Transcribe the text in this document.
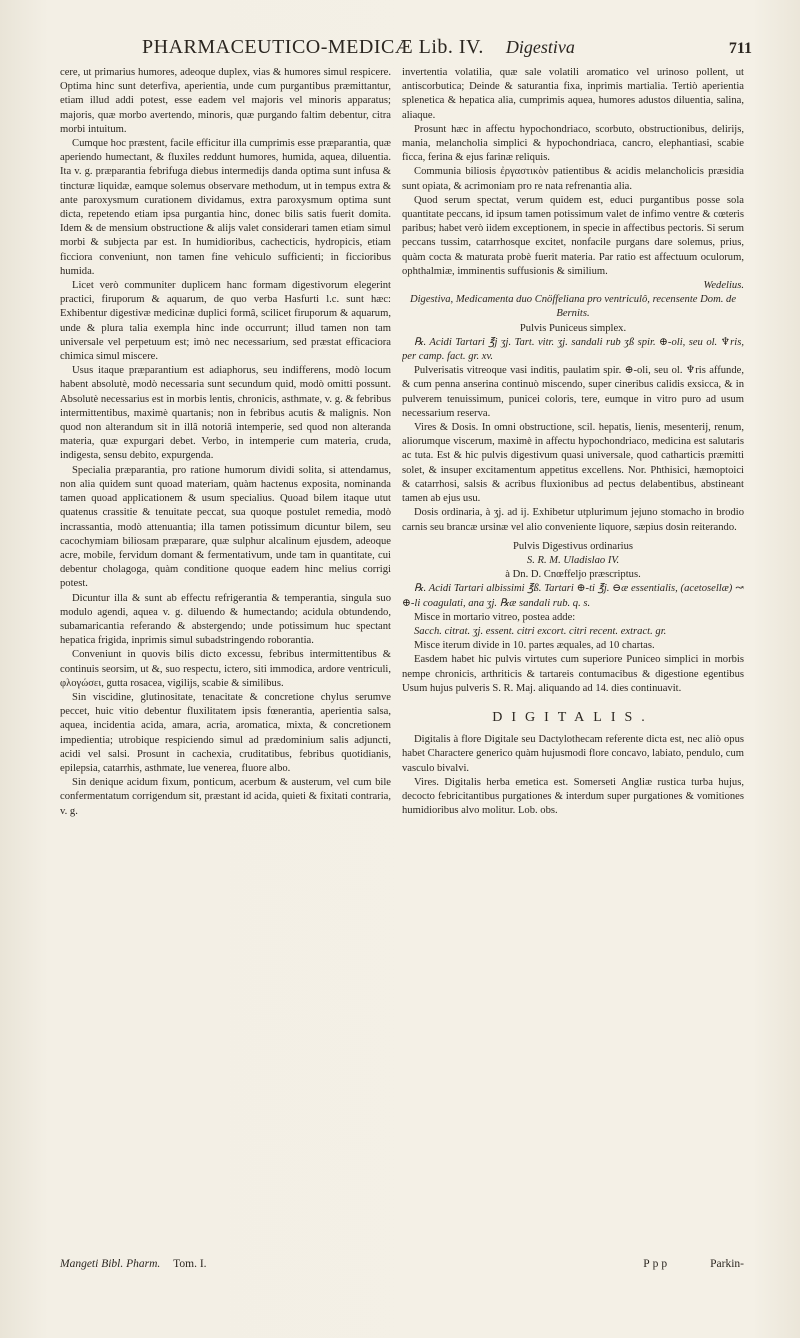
PHARMACEUTICO-MEDICÆ Lib. IV. Digestiva	711

cere, ut primarius humores, adeoque duplex, vias & humores simul respicere. Optima hinc sunt deterfiva, aperientia, unde cum purgantibus præmittantur, etiam illud addi potest, esse eadem vel majoris vel minoris apparatus; majoris, quæ morbo avertendo, minoris, quæ purgando faltim debentur, citra morbi intuitum.

Cumque hoc præstent, facile efficitur illa cumprimis esse præparantia, quæ aperiendo humectant, & fluxiles reddunt humores, humida, aquea, diluentia. Ita v. g. præparantia febrifuga diebus intermedijs danda optima sunt infusa & tincturæ liquidæ, eamque solemus observare methodum, ut in tempus extra & ante paroxysmum curationem dividamus, extra paroxysmum optima sunt dicta, repetendo etiam ipsa purgantia hinc, donec bilis satis fuerit domita. Idem & de mensium obstructione & alijs valet considerari tamen etiam simul morbi & subjecta par est. In humidioribus, cachecticis, hydropicis, etiam ficciora conveniunt, non tamen fine vehiculo sufficienti; in ficcioribus humida.

Licet verò communiter duplicem hanc formam digestivorum elegerint practici, firuporum & aquarum, de quo verba Hasfurti l.c. sunt hæc: Exhibentur digestivæ medicinæ duplici formâ, scilicet firuporum & aquarum, unde & plura talia exempla hinc inde occurrunt; illud tamen non tam universale vel perpetuum est; imò nec necessarium, sed præstat efficaciora chimica simul miscere.

Usus itaque præparantium est adiaphorus, seu indifferens, modò locum habent absolutè, modò necessaria sunt secundum quid, modò omitti possunt. Absolutè necessarius est in morbis lentis, chronicis, asthmate, v. g. & febribus intermittentibus, maximè quartanis; non in febribus acutis & malignis. Non quod non alterandum sit in illâ notoriâ intemperie, sed quod non alteranda materia, quæ expurgari debet. Verbo, in intemperie cum materia, cruda, indigesta, sensu debito, expurgenda.

Specialia præparantia, pro ratione humorum dividi solita, si attendamus, non alia quidem sunt quoad materiam, quàm hactenus exposita, nominanda tamen quoad applicationem & usum specialius. Quoad bilem itaque utut quatenus crassitie & tenuitate peccat, sua quoque postulet remedia, modò incrassantia, modò attenuantia; illa tamen potissimum dicuntur bilem, seu cacochymiam biliosam præparare, quæ sulphur alcalinum ejusdem, adeoque acre, mobile, fervidum domant & fermentativum, unde tam in quantitate, cui debentur cholagoga, quàm conditione quoque eadem hinc melius corrigi potest.

Dicuntur illa & sunt ab effectu refrigerantia & temperantia, singula suo modulo agendi, aquea v. g. diluendo & humectando; acidula obtundendo, subamaricantia referando & abstergendo; unde potissimum huc spectant hepatica frigida, inprimis simul subadstringendo roborantia.

Conveniunt in quovis bilis dicto excessu, febribus intermittentibus & continuis seorsim, ut &, suo respectu, ictero, siti immodica, ardore ventriculi, φλογώσει, gutta rosacea, vigilijs, scabie & similibus.

Sin viscidine, glutinositate, tenacitate & concretione chylus serumve peccet, huic vitio debentur fluxilitatem ipsis fœnerantia, aperientia salsa, aquea, incidentia acida, amara, acria, aromatica, mixta, & concretionem impedientia; utrobique respiciendo simul ad prædominium salis adjuncti, acidi vel salsi. Prosunt in cachexia, cruditatibus, febribus quotidianis, epilepsia, catarrhis, asthmate, lue venerea, fluore albo.

Sin denique acidum fixum, ponticum, acerbum & austerum, vel cum bile confermentatum corrigendum sit, præstant id acida, quieti & fixitati contraria, v. g.

invertentia volatilia, quæ sale volatili aromatico vel urinoso pollent, ut antiscorbutica; Deinde & saturantia fixa, inprimis martialia. Tertiò aperientia splenetica & hepatica alia, cumprimis aquea, humores adustos diluentia, salina, aliaque.

Prosunt hæc in affectu hypochondriaco, scorbuto, obstructionibus, delirijs, mania, melancholia simplici & hypochondriaca, cancro, elephantiasi, scabie ficca, ferina & ejus farinæ reliquis.

Communia biliosis ἐργαστικὸν patientibus & acidis melancholicis præsidia sunt opiata, & acrimoniam pro re nata refrenantia alia.

Quod serum spectat, verum quidem est, educi purgantibus posse sola quantitate peccans, id ipsum tamen potissimum valet de infimo ventre & cœteris paribus; habet verò iidem exceptionem, in specie in affectibus pectoris. Si serum peccans tussim, catarrhosque excitet, nonfacile purgans dare solemus, prius, quàm cocta & maturata probè fuerit materia. Par ratio est affectuum oculorum, ophthalmiæ, imminentis suffusionis & similium.

Wedelius.

Digestiva, Medicamenta duo Cnöffeliana pro ventriculô, recensente Dom. de Bernits.

Pulvis Puniceus simplex.

℞. Acidi Tartari ℥j ʒj. Tart. vitr. ʒj. sandali rub ʒß spir. ⊕-oli, seu ol. ♆ris, per camp. fact. gr. xv.

Pulverisatis vitreoque vasi inditis, paulatim spir. ⊕-oli, seu ol. ♆ris affunde, & cum penna anserina continuò miscendo, super cineribus calidis exsicca, & in pulverem tenuissimum, punicei coloris, tere, eumque in vitro puro ad usum necessarium reserva.

Vires & Dosis. In omni obstructione, scil. hepatis, lienis, mesenterij, renum, aliorumque viscerum, maximè in affectu hypochondriaco, medicina est salutaris ac tuta. Est & hic pulvis digestivum quasi universale, quod catharticis præmitti solet, & insuper excitamentum appetitus excellens. Nor. Phthisici, hæmoptoici & catarrhosi, salsis & acribus fluxionibus ad pectus delabentibus, abstineant tamen ab ejus usu.

Dosis ordinaria, à ʒj. ad ij. Exhibetur utplurimum jejuno stomacho in brodio carnis seu brancæ ursinæ vel alio conveniente liquore, sæpius dosin reiterando.

Pulvis Digestivus ordinarius

S. R. M. Uladislao IV.

à Dn. D. Cnœffeljo præscriptus.

℞. Acidi Tartari albissimi ℥ß. Tartari ⊕-ti ℥j. ⊖æ essentialis, (acetosellæ) ↝ ⊕-li coagulati, ana ʒj. ℞æ sandali rub. q. s.

Misce in mortario vitreo, postea adde:

Sacch. citrat. ʒj. essent. citri excort. citri recent. extract. gr.

Misce iterum divide in 10. partes æquales, ad 10 chartas.

Easdem habet hic pulvis virtutes cum superiore Puniceo simplici in morbis nempe chronicis, arthriticis & tartareis contumacibus & digestione egentibus Usum hujus pulveris S. R. Maj. aliquando ad 14. dies continuavit.

DIGITALIS.

Digitalis à flore Digitale seu Dactylothecam referente dicta est, nec aliò opus habet Charactere generico quàm hujusmodi flore concavo, labiato, pendulo, cum vasculo bivalvi.

Vires. Digitalis herba emetica est. Somerseti Angliæ rustica turba hujus, decocto febricitantibus purgationes & interdum super purgationes & vomitiones humidioribus alvo molitur. Lob. obs.

Mangeti Bibl. Pharm. Tom. I.	Ppp	Parkin-
